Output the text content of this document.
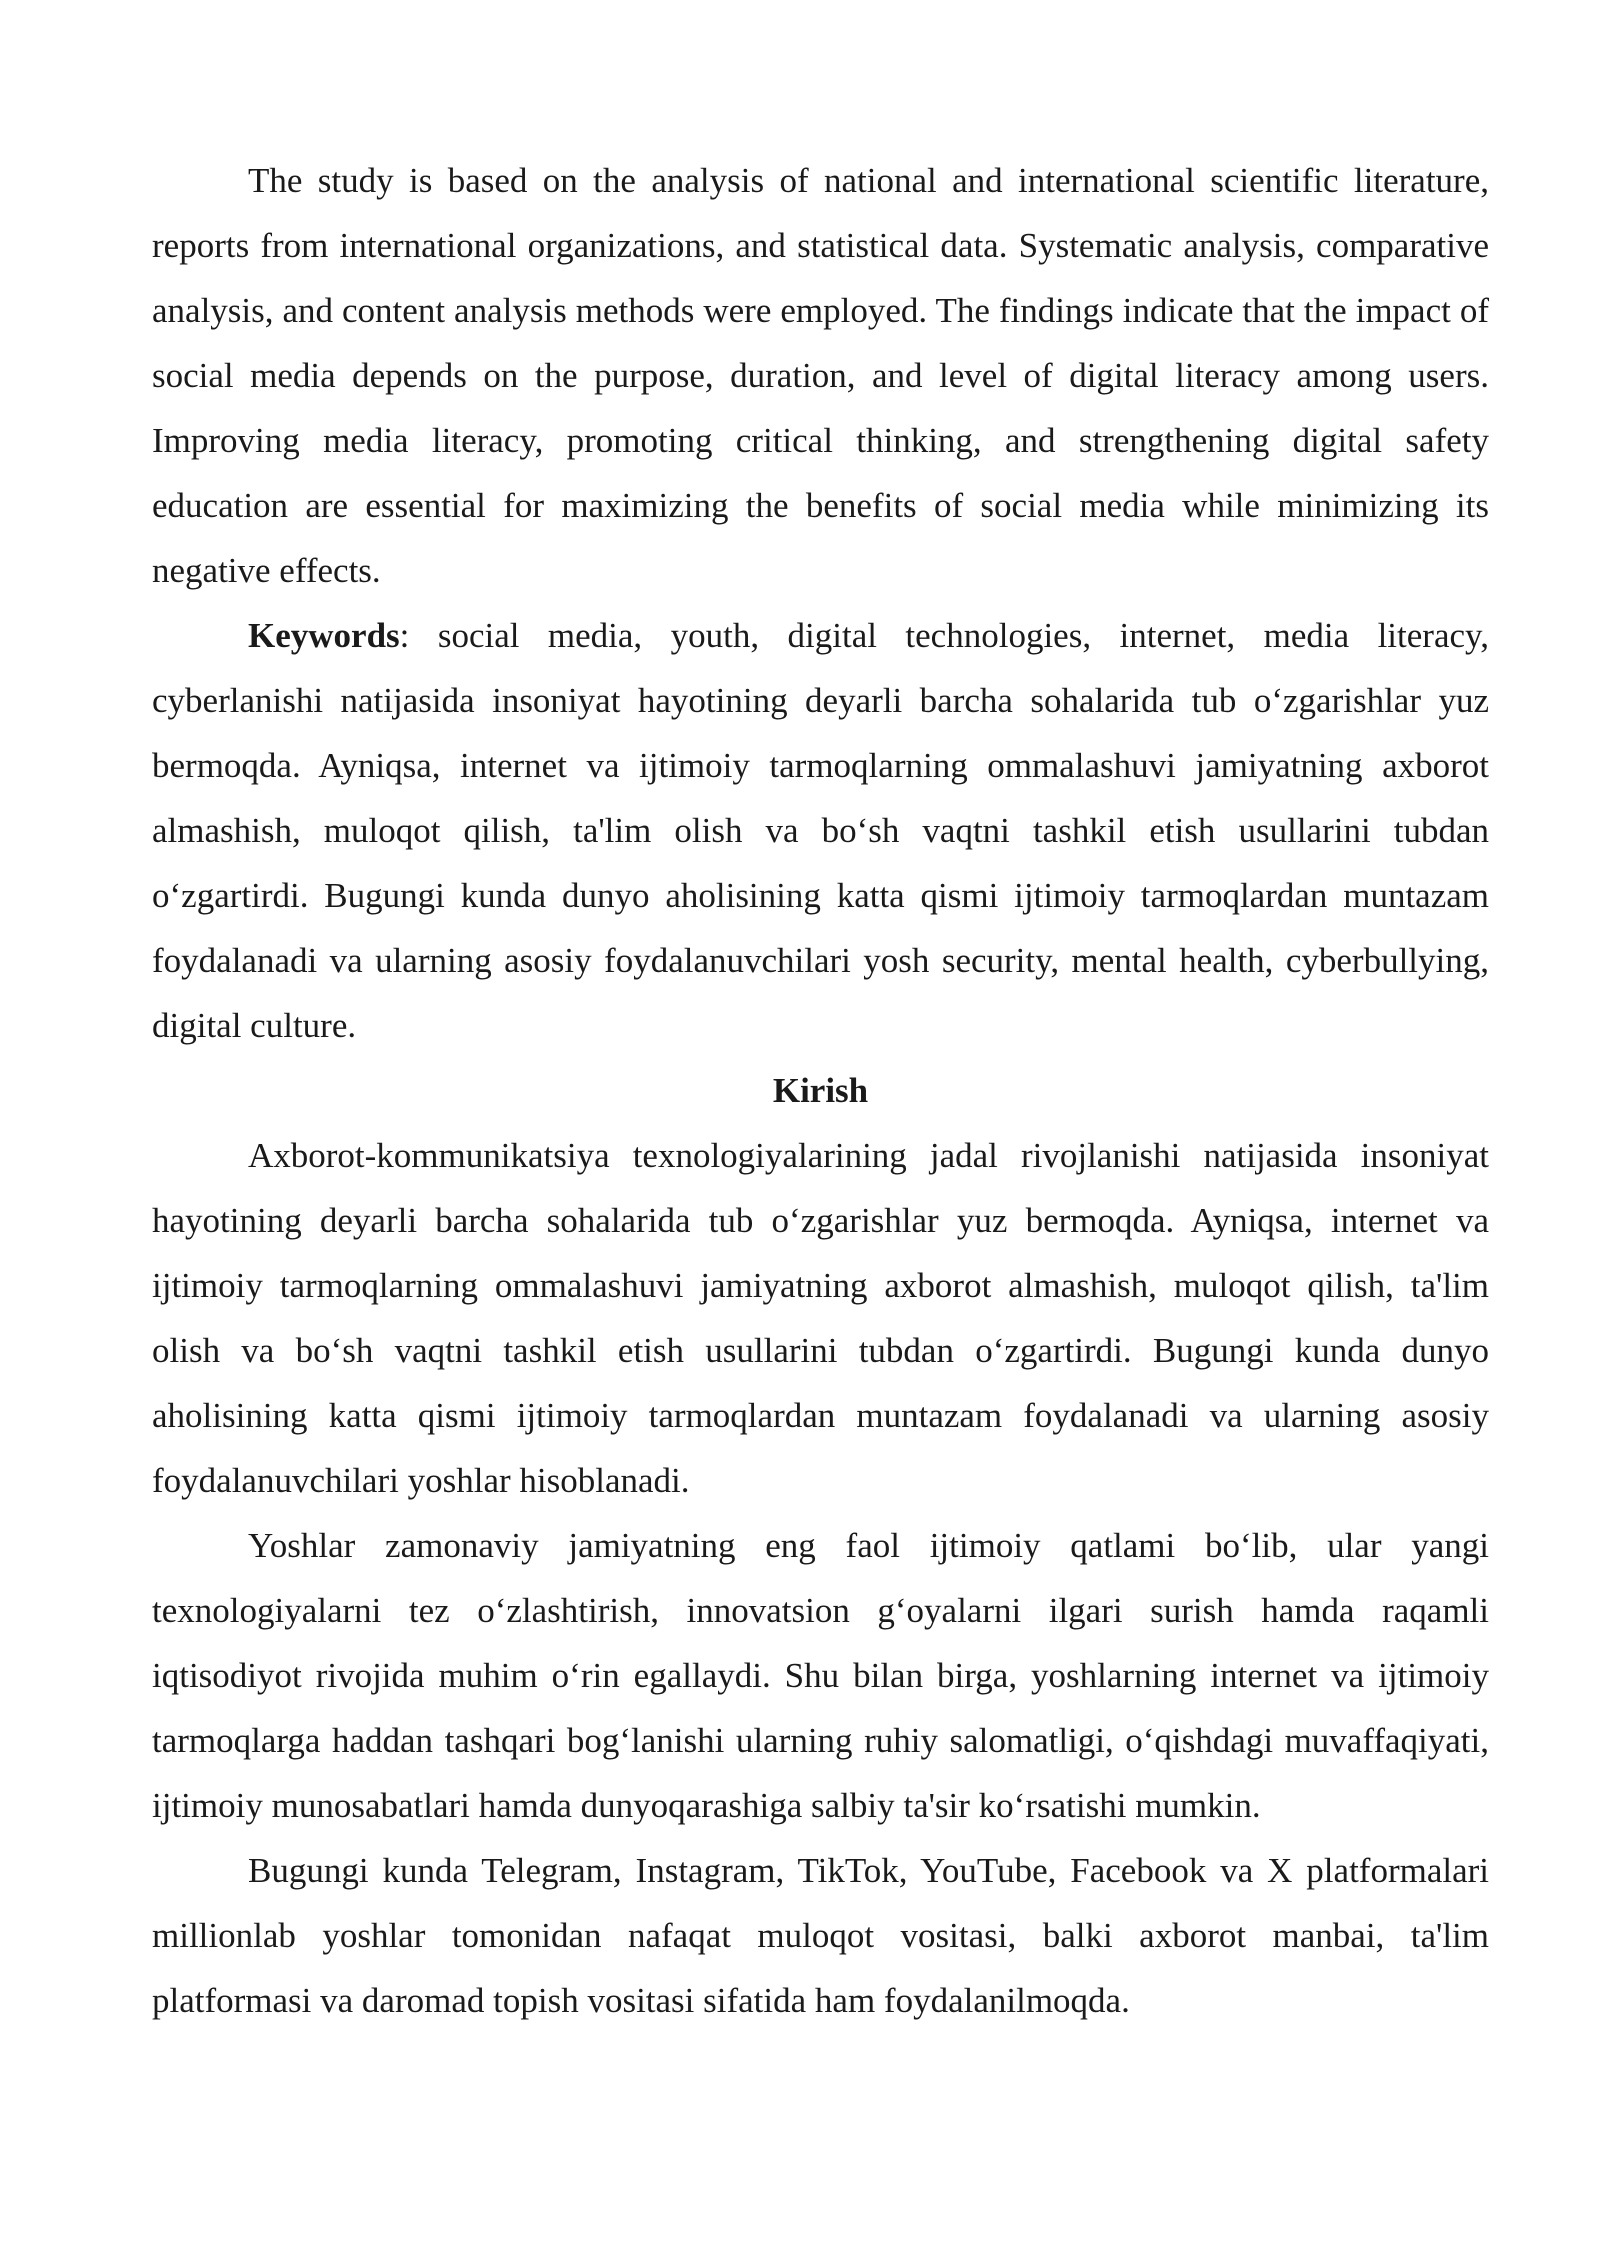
The study is based on the analysis of national and international scientific literature, reports from international organizations, and statistical data. Systematic analysis, comparative analysis, and content analysis methods were employed. The findings indicate that the impact of social media depends on the purpose, duration, and level of digital literacy among users. Improving media literacy, promoting critical thinking, and strengthening digital safety education are essential for maximizing the benefits of social media while minimizing its negative effects.

Keywords: social media, youth, digital technologies, internet, media literacy, cyberlanishi natijasida insoniyat hayotining deyarli barcha sohalarida tub o‘zgarishlar yuz bermoqda. Ayniqsa, internet va ijtimoiy tarmoqlarning ommalashuvi jamiyatning axborot almashish, muloqot qilish, ta'lim olish va bo‘sh vaqtni tashkil etish usullarini tubdan o‘zgartirdi. Bugungi kunda dunyo aholisining katta qismi ijtimoiy tarmoqlardan muntazam foydalanadi va ularning asosiy foydalanuvchilari yosh security, mental health, cyberbullying, digital culture.

Kirish

Axborot-kommunikatsiya texnologiyalarining jadal rivojlanishi natijasida insoniyat hayotining deyarli barcha sohalarida tub o‘zgarishlar yuz bermoqda. Ayniqsa, internet va ijtimoiy tarmoqlarning ommalashuvi jamiyatning axborot almashish, muloqot qilish, ta'lim olish va bo‘sh vaqtni tashkil etish usullarini tubdan o‘zgartirdi. Bugungi kunda dunyo aholisining katta qismi ijtimoiy tarmoqlardan muntazam foydalanadi va ularning asosiy foydalanuvchilari yoshlar hisoblanadi.

Yoshlar zamonaviy jamiyatning eng faol ijtimoiy qatlami bo‘lib, ular yangi texnologiyalarni tez o‘zlashtirish, innovatsion g‘oyalarni ilgari surish hamda raqamli iqtisodiyot rivojida muhim o‘rin egallaydi. Shu bilan birga, yoshlarning internet va ijtimoiy tarmoqlarga haddan tashqari bog‘lanishi ularning ruhiy salomatligi, o‘qishdagi muvaffaqiyati, ijtimoiy munosabatlari hamda dunyoqarashiga salbiy ta'sir ko‘rsatishi mumkin.

Bugungi kunda Telegram, Instagram, TikTok, YouTube, Facebook va X platformalari millionlab yoshlar tomonidan nafaqat muloqot vositasi, balki axborot manbai, ta'lim platformasi va daromad topish vositasi sifatida ham foydalanilmoqda.
